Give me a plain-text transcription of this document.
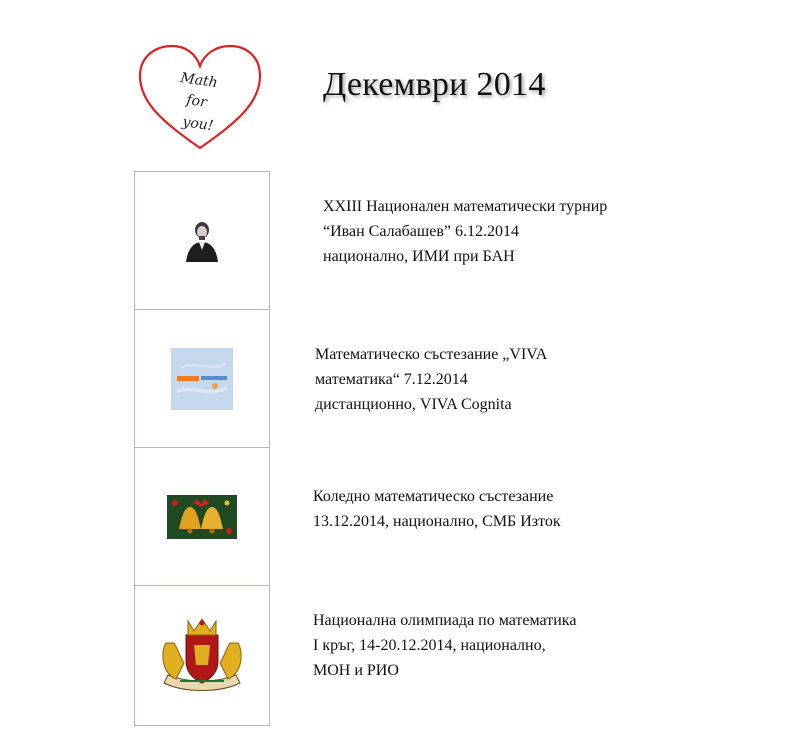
Math
for
you!
Декември 2014
XXIII Национален математически турнир
“Иван Салабашев” 6.12.2014
национално, ИМИ при БАН
Математическо състезание „VIVA
математика“ 7.12.2014
дистанционно, VIVA Cognita
Коледно математическо състезание
13.12.2014, национално, СМБ Изток
Национална олимпиада по математика
I кръг, 14-20.12.2014, национално,
МОН и РИО
